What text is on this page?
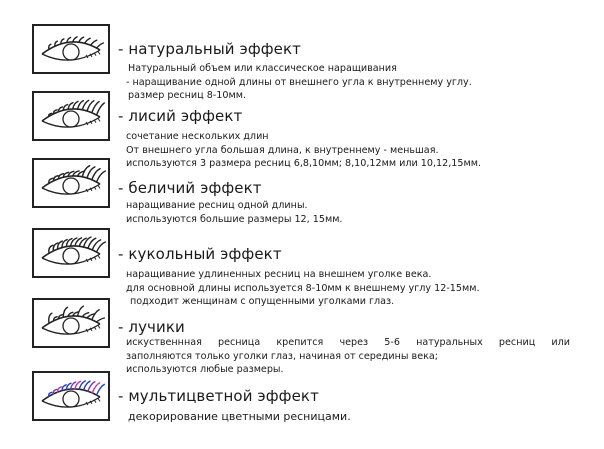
- натуральный эффект
Натуральный объем или классическое наращивания
- наращивание одной длины от внешнего угла к внутреннему углу.
размер ресниц 8-10мм.
- лисий эффект
сочетание нескольких длин
От внешнего угла большая длина, к внутреннему - меньшая.
используются 3 размера ресниц 6,8,10мм; 8,10,12мм или 10,12,15мм.
- беличий эффект
наращивание ресниц одной длины.
используются большие размеры 12, 15мм.
- кукольный эффект
наращивание удлиненных ресниц на внешнем уголке века.
для основной длины используется 8-10мм к внешнему углу 12-15мм.
подходит женщинам с опущенными уголками глаз.
- лучики
искуственнная ресница крепится через 5-6 натуральных ресниц или
заполняются только уголки глаз, начиная от середины века;
используются любые размеры.
- мультицветной эффект
декорирование цветными ресницами.
